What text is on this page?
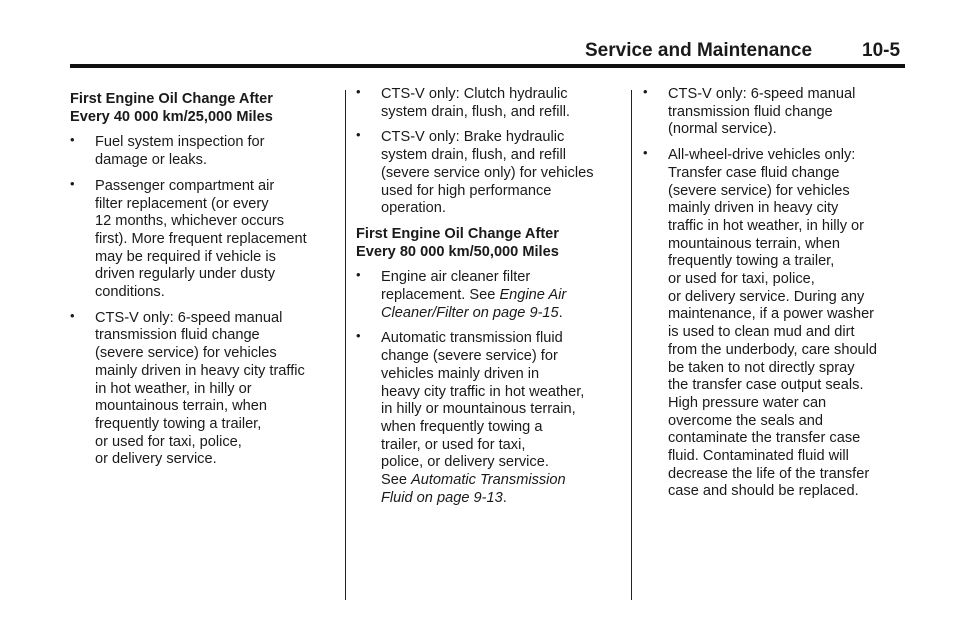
Service and Maintenance	10-5
First Engine Oil Change After
Every 40 000 km/25,000 Miles
• Fuel system inspection for
damage or leaks.
• Passenger compartment air
filter replacement (or every
12 months, whichever occurs
first). More frequent replacement
may be required if vehicle is
driven regularly under dusty
conditions.
• CTS-V only: 6-speed manual
transmission fluid change
(severe service) for vehicles
mainly driven in heavy city traffic
in hot weather, in hilly or
mountainous terrain, when
frequently towing a trailer,
or used for taxi, police,
or delivery service.
• CTS-V only: Clutch hydraulic
system drain, flush, and refill.
• CTS-V only: Brake hydraulic
system drain, flush, and refill
(severe service only) for vehicles
used for high performance
operation.
First Engine Oil Change After
Every 80 000 km/50,000 Miles
• Engine air cleaner filter
replacement. See Engine Air
Cleaner/Filter on page 9-15.
• Automatic transmission fluid
change (severe service) for
vehicles mainly driven in
heavy city traffic in hot weather,
in hilly or mountainous terrain,
when frequently towing a
trailer, or used for taxi,
police, or delivery service.
See Automatic Transmission
Fluid on page 9-13.
• CTS-V only: 6-speed manual
transmission fluid change
(normal service).
• All-wheel-drive vehicles only:
Transfer case fluid change
(severe service) for vehicles
mainly driven in heavy city
traffic in hot weather, in hilly or
mountainous terrain, when
frequently towing a trailer,
or used for taxi, police,
or delivery service. During any
maintenance, if a power washer
is used to clean mud and dirt
from the underbody, care should
be taken to not directly spray
the transfer case output seals.
High pressure water can
overcome the seals and
contaminate the transfer case
fluid. Contaminated fluid will
decrease the life of the transfer
case and should be replaced.
